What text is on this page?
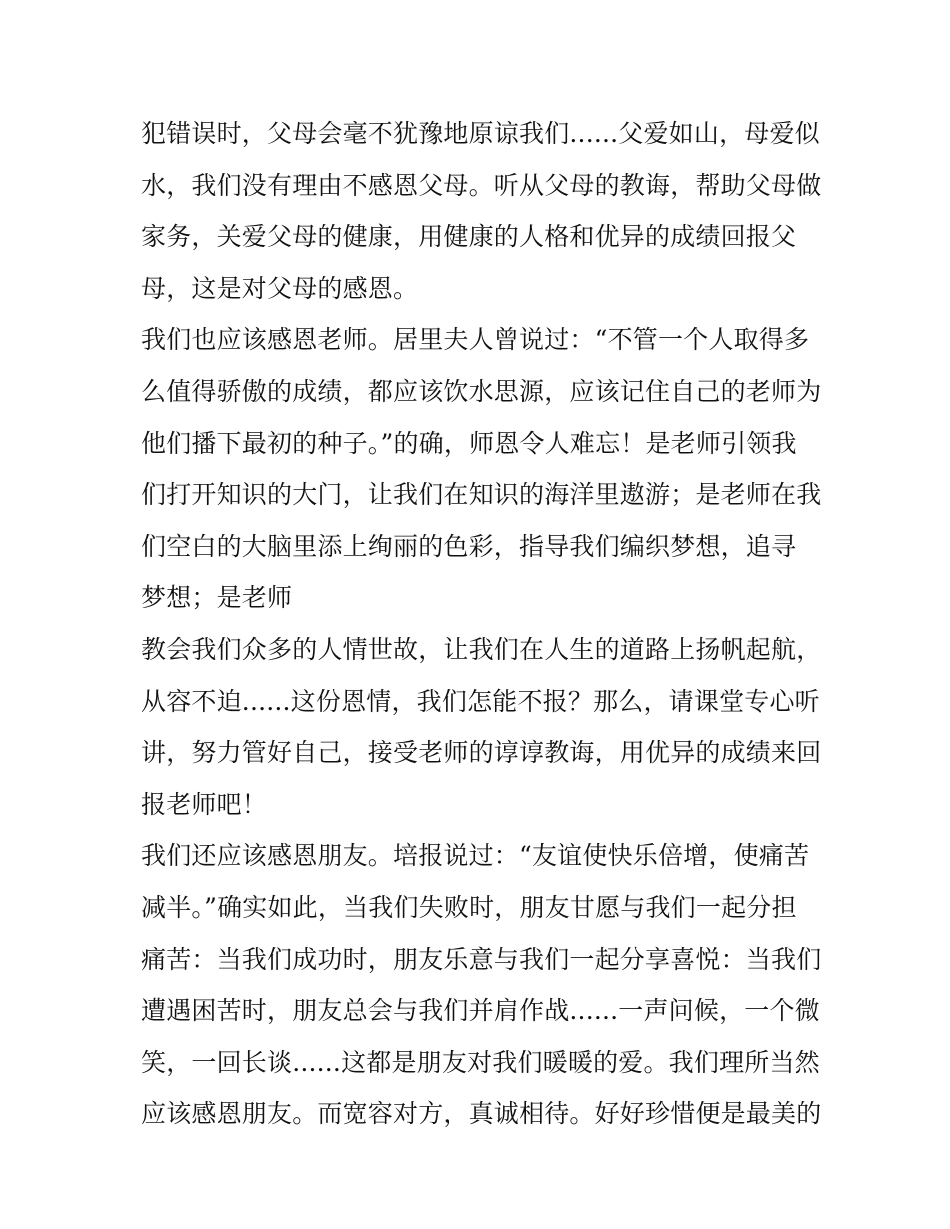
犯错误时，父母会毫不犹豫地原谅我们......父爱如山，母爱似
水，我们没有理由不感恩父母。听从父母的教诲，帮助父母做
家务，关爱父母的健康，用健康的人格和优异的成绩回报父
母，这是对父母的感恩。
我们也应该感恩老师。居里夫人曾说过：“不管一个人取得多
么值得骄傲的成绩，都应该饮水思源，应该记住自己的老师为
他们播下最初的种子。”的确，师恩令人难忘！是老师引领我
们打开知识的大门，让我们在知识的海洋里遨游；是老师在我
们空白的大脑里添上绚丽的色彩，指导我们编织梦想，追寻
梦想；是老师
教会我们众多的人情世故，让我们在人生的道路上扬帆起航，
从容不迫......这份恩情，我们怎能不报？那么，请课堂专心听
讲，努力管好自己，接受老师的谆谆教诲，用优异的成绩来回
报老师吧！
我们还应该感恩朋友。培报说过：“友谊使快乐倍增，使痛苦
减半。”确实如此，当我们失败时，朋友甘愿与我们一起分担
痛苦：当我们成功时，朋友乐意与我们一起分享喜悦：当我们
遭遇困苦时，朋友总会与我们并肩作战......一声问候，一个微
笑，一回长谈......这都是朋友对我们暖暖的爱。我们理所当然
应该感恩朋友。而宽容对方，真诚相待。好好珍惜便是最美的
